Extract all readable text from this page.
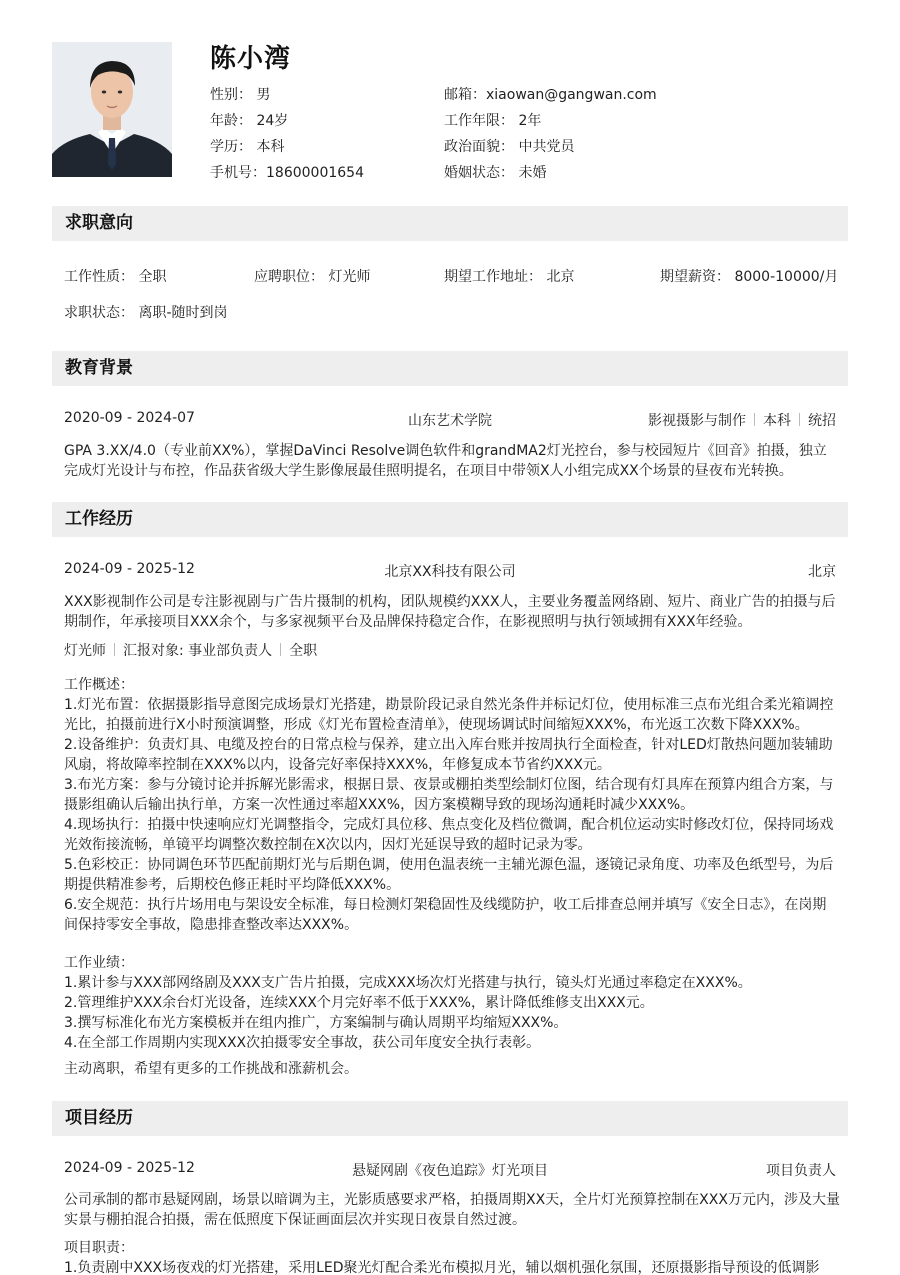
陈小湾
性别： 男
年龄： 24岁
学历： 本科
手机号：18600001654
邮箱：xiaowan@gangwan.com
工作年限： 2年
政治面貌： 中共党员
婚姻状态： 未婚
求职意向
工作性质： 全职	应聘职位： 灯光师	期望工作地址： 北京	期望薪资： 8000-10000/月
求职状态： 离职-随时到岗
教育背景
2020-09 - 2024-07	山东艺术学院	影视摄影与制作 本科 统招
GPA 3.XX/4.0（专业前XX%），掌握DaVinci Resolve调色软件和grandMA2灯光控台，参与校园短片《回音》拍摄，独立完成灯光设计与布控，作品获省级大学生影像展最佳照明提名，在项目中带领X人小组完成XX个场景的昼夜布光转换。
工作经历
2024-09 - 2025-12	北京XX科技有限公司	北京
XXX影视制作公司是专注影视剧与广告片摄制的机构，团队规模约XXX人，主要业务覆盖网络剧、短片、商业广告的拍摄与后期制作，年承接项目XXX余个，与多家视频平台及品牌保持稳定合作，在影视照明与执行领域拥有XXX年经验。
灯光师 汇报对象: 事业部负责人 全职
工作概述：
1.灯光布置：依据摄影指导意图完成场景灯光搭建，勘景阶段记录自然光条件并标记灯位，使用标准三点布光组合柔光箱调控光比，拍摄前进行X小时预演调整，形成《灯光布置检查清单》，使现场调试时间缩短XXX%，布光返工次数下降XXX%。
2.设备维护：负责灯具、电缆及控台的日常点检与保养，建立出入库台账并按周执行全面检查，针对LED灯散热问题加装辅助风扇，将故障率控制在XXX%以内，设备完好率保持XXX%，年修复成本节省约XXX元。
3.布光方案：参与分镜讨论并拆解光影需求，根据日景、夜景或棚拍类型绘制灯位图，结合现有灯具库在预算内组合方案，与摄影组确认后输出执行单，方案一次性通过率超XXX%，因方案模糊导致的现场沟通耗时减少XXX%。
4.现场执行：拍摄中快速响应灯光调整指令，完成灯具位移、焦点变化及档位微调，配合机位运动实时修改灯位，保持同场戏光效衔接流畅，单镜平均调整次数控制在X次以内，因灯光延误导致的超时记录为零。
5.色彩校正：协同调色环节匹配前期灯光与后期色调，使用色温表统一主辅光源色温，逐镜记录角度、功率及色纸型号，为后期提供精准参考，后期校色修正耗时平均降低XXX%。
6.安全规范：执行片场用电与架设安全标准，每日检测灯架稳固性及线缆防护，收工后排查总闸并填写《安全日志》，在岗期间保持零安全事故，隐患排查整改率达XXX%。
工作业绩：
1.累计参与XXX部网络剧及XXX支广告片拍摄，完成XXX场次灯光搭建与执行，镜头灯光通过率稳定在XXX%。
2.管理维护XXX余台灯光设备，连续XXX个月完好率不低于XXX%，累计降低维修支出XXX元。
3.撰写标准化布光方案模板并在组内推广，方案编制与确认周期平均缩短XXX%。
4.在全部工作周期内实现XXX次拍摄零安全事故，获公司年度安全执行表彰。
主动离职，希望有更多的工作挑战和涨薪机会。
项目经历
2024-09 - 2025-12	悬疑网剧《夜色追踪》灯光项目	项目负责人
公司承制的都市悬疑网剧，场景以暗调为主，光影质感要求严格，拍摄周期XX天，全片灯光预算控制在XXX万元内，涉及大量实景与棚拍混合拍摄，需在低照度下保证画面层次并实现日夜景自然过渡。
项目职责：
1.负责剧中XXX场夜戏的灯光搭建，采用LED聚光灯配合柔光布模拟月光，辅以烟机强化氛围，还原摄影指导预设的低调影
